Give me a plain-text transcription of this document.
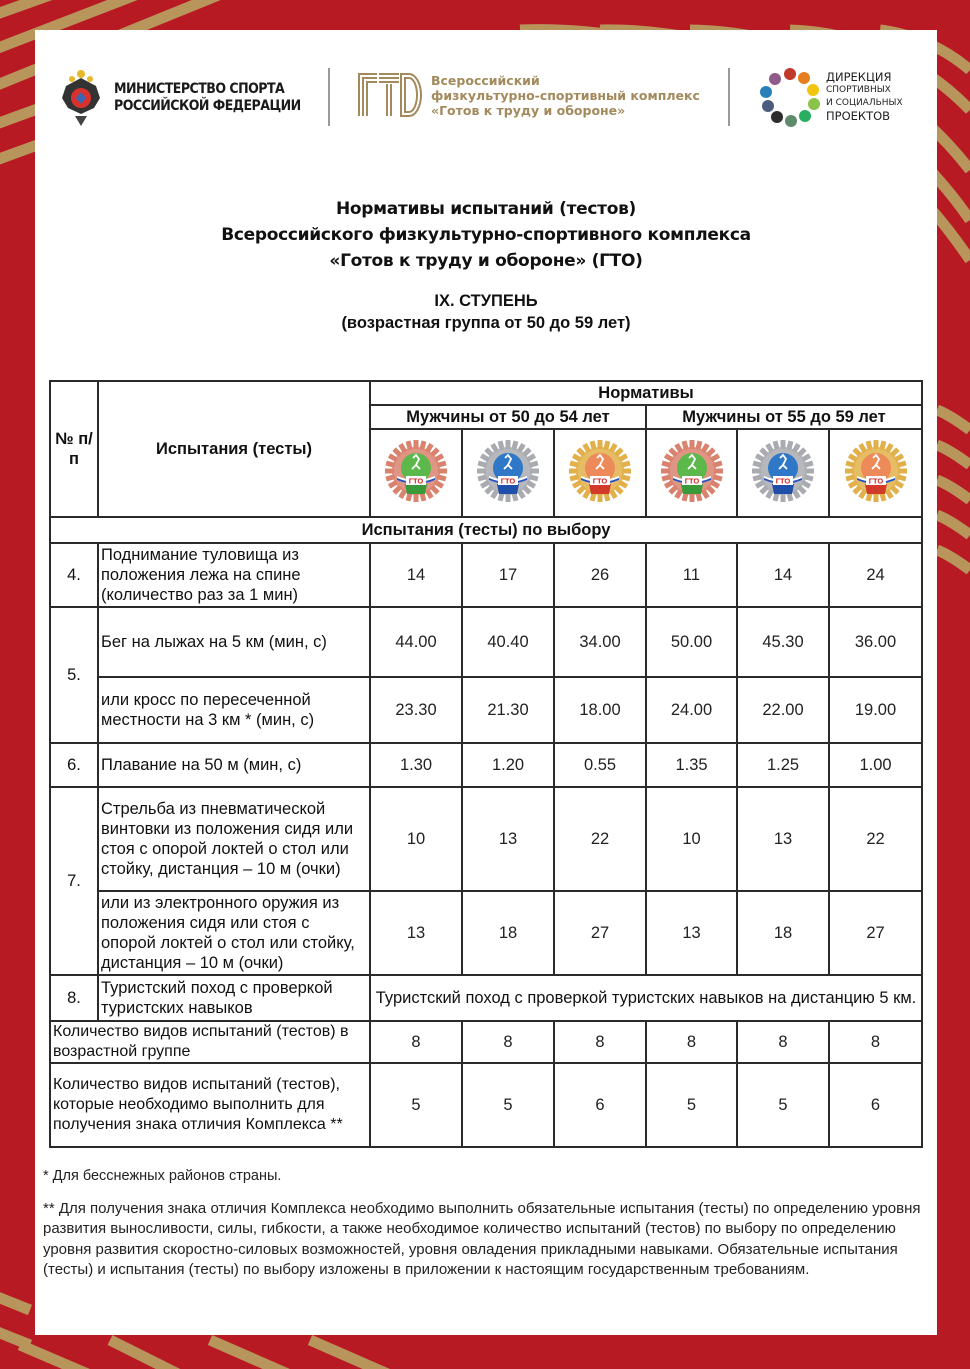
МИНИСТЕРСТВО СПОРТА
РОССИЙСКОЙ ФЕДЕРАЦИИ
Всероссийский
физкультурно-спортивный комплекс
«Готов к труду и обороне»
ДИРЕКЦИЯ
СПОРТИВНЫХ
И СОЦИАЛЬНЫХ
ПРОЕКТОВ
Нормативы испытаний (тестов)
Всероссийского физкультурно-спортивного комплекса
«Готов к труду и обороне» (ГТО)
IX. СТУПЕНЬ
(возрастная группа от 50 до 59 лет)
№ п/п	Испытания (тесты)	Нормативы					
		Мужчины от 50 до 54 лет			Мужчины от 55 до 59 лет		

ГТО	ГТО	ГТО	ГТО	ГТО	ГТО

Испытания (тесты) по выбору							
4.	Поднимание туловища из положения лежа на спине (количество раз за 1 мин)	14	17	26	11	14	24
5.	Бег на лыжах на 5 км (мин, с)	44.00	40.40	34.00	50.00	45.30	36.00
	или кросс по пересеченной местности на 3 км * (мин, с)	23.30	21.30	18.00	24.00	22.00	19.00
6.	Плавание на 50 м (мин, с)	1.30	1.20	0.55	1.35	1.25	1.00
7.	Стрельба из пневматической винтовки из положения сидя или стоя с опорой локтей о стол или стойку, дистанция – 10 м (очки)	10	13	22	10	13	22
	или из электронного оружия из положения сидя или стоя с опорой локтей о стол или стойку, дистанция – 10 м (очки)	13	18	27	13	18	27
8.	Туристский поход с проверкой туристских навыков	Туристский поход с проверкой туристских навыков на дистанцию 5 км.					
Количество видов испытаний (тестов) в возрастной группе		8	8	8	8	8	8
Количество видов испытаний (тестов), которые необходимо выполнить для получения знака отличия Комплекса **		5	5	6	5	5	6
* Для бесснежных районов страны.
** Для получения знака отличия Комплекса необходимо выполнить обязательные испытания (тесты) по определению уровня развития выносливости, силы, гибкости, а также необходимое количество испытаний (тестов) по выбору по определению уровня развития скоростно-силовых возможностей, уровня овладения прикладными навыками. Обязательные испытания (тесты) и испытания (тесты) по выбору изложены в приложении к настоящим государственным требованиям.
